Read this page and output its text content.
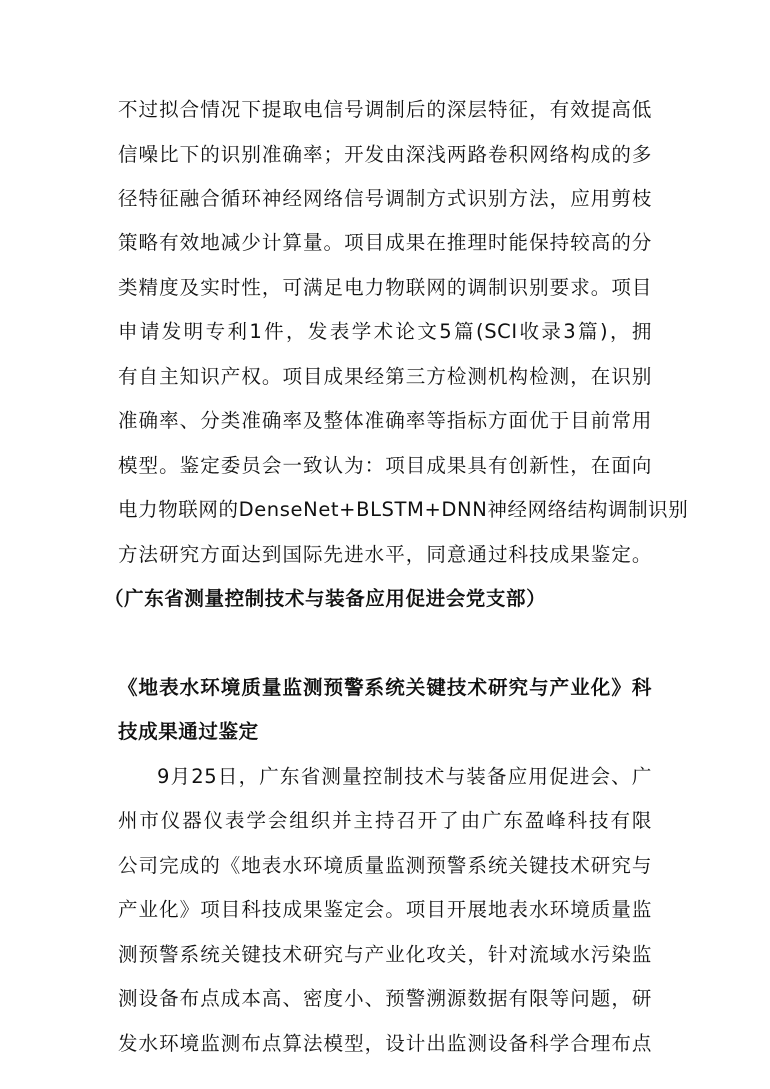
不过拟合情况下提取电信号调制后的深层特征，有效提高低
信噪比下的识别准确率；开发由深浅两路卷积网络构成的多
径特征融合循环神经网络信号调制方式识别方法，应用剪枝
策略有效地减少计算量。项目成果在推理时能保持较高的分
类精度及实时性，可满足电力物联网的调制识别要求。项目
申请发明专利1件，发表学术论文5篇(SCI收录3篇)，拥
有自主知识产权。项目成果经第三方检测机构检测，在识别
准确率、分类准确率及整体准确率等指标方面优于目前常用
模型。鉴定委员会一致认为：项目成果具有创新性，在面向
电力物联网的DenseNet+BLSTM+DNN神经网络结构调制识别
方法研究方面达到国际先进水平，同意通过科技成果鉴定。
（广东省测量控制技术与装备应用促进会党支部）
《地表水环境质量监测预警系统关键技术研究与产业化》科
技成果通过鉴定
9月25日，广东省测量控制技术与装备应用促进会、广
州市仪器仪表学会组织并主持召开了由广东盈峰科技有限
公司完成的《地表水环境质量监测预警系统关键技术研究与
产业化》项目科技成果鉴定会。项目开展地表水环境质量监
测预警系统关键技术研究与产业化攻关，针对流域水污染监
测设备布点成本高、密度小、预警溯源数据有限等问题，研
发水环境监测布点算法模型，设计出监测设备科学合理布点
